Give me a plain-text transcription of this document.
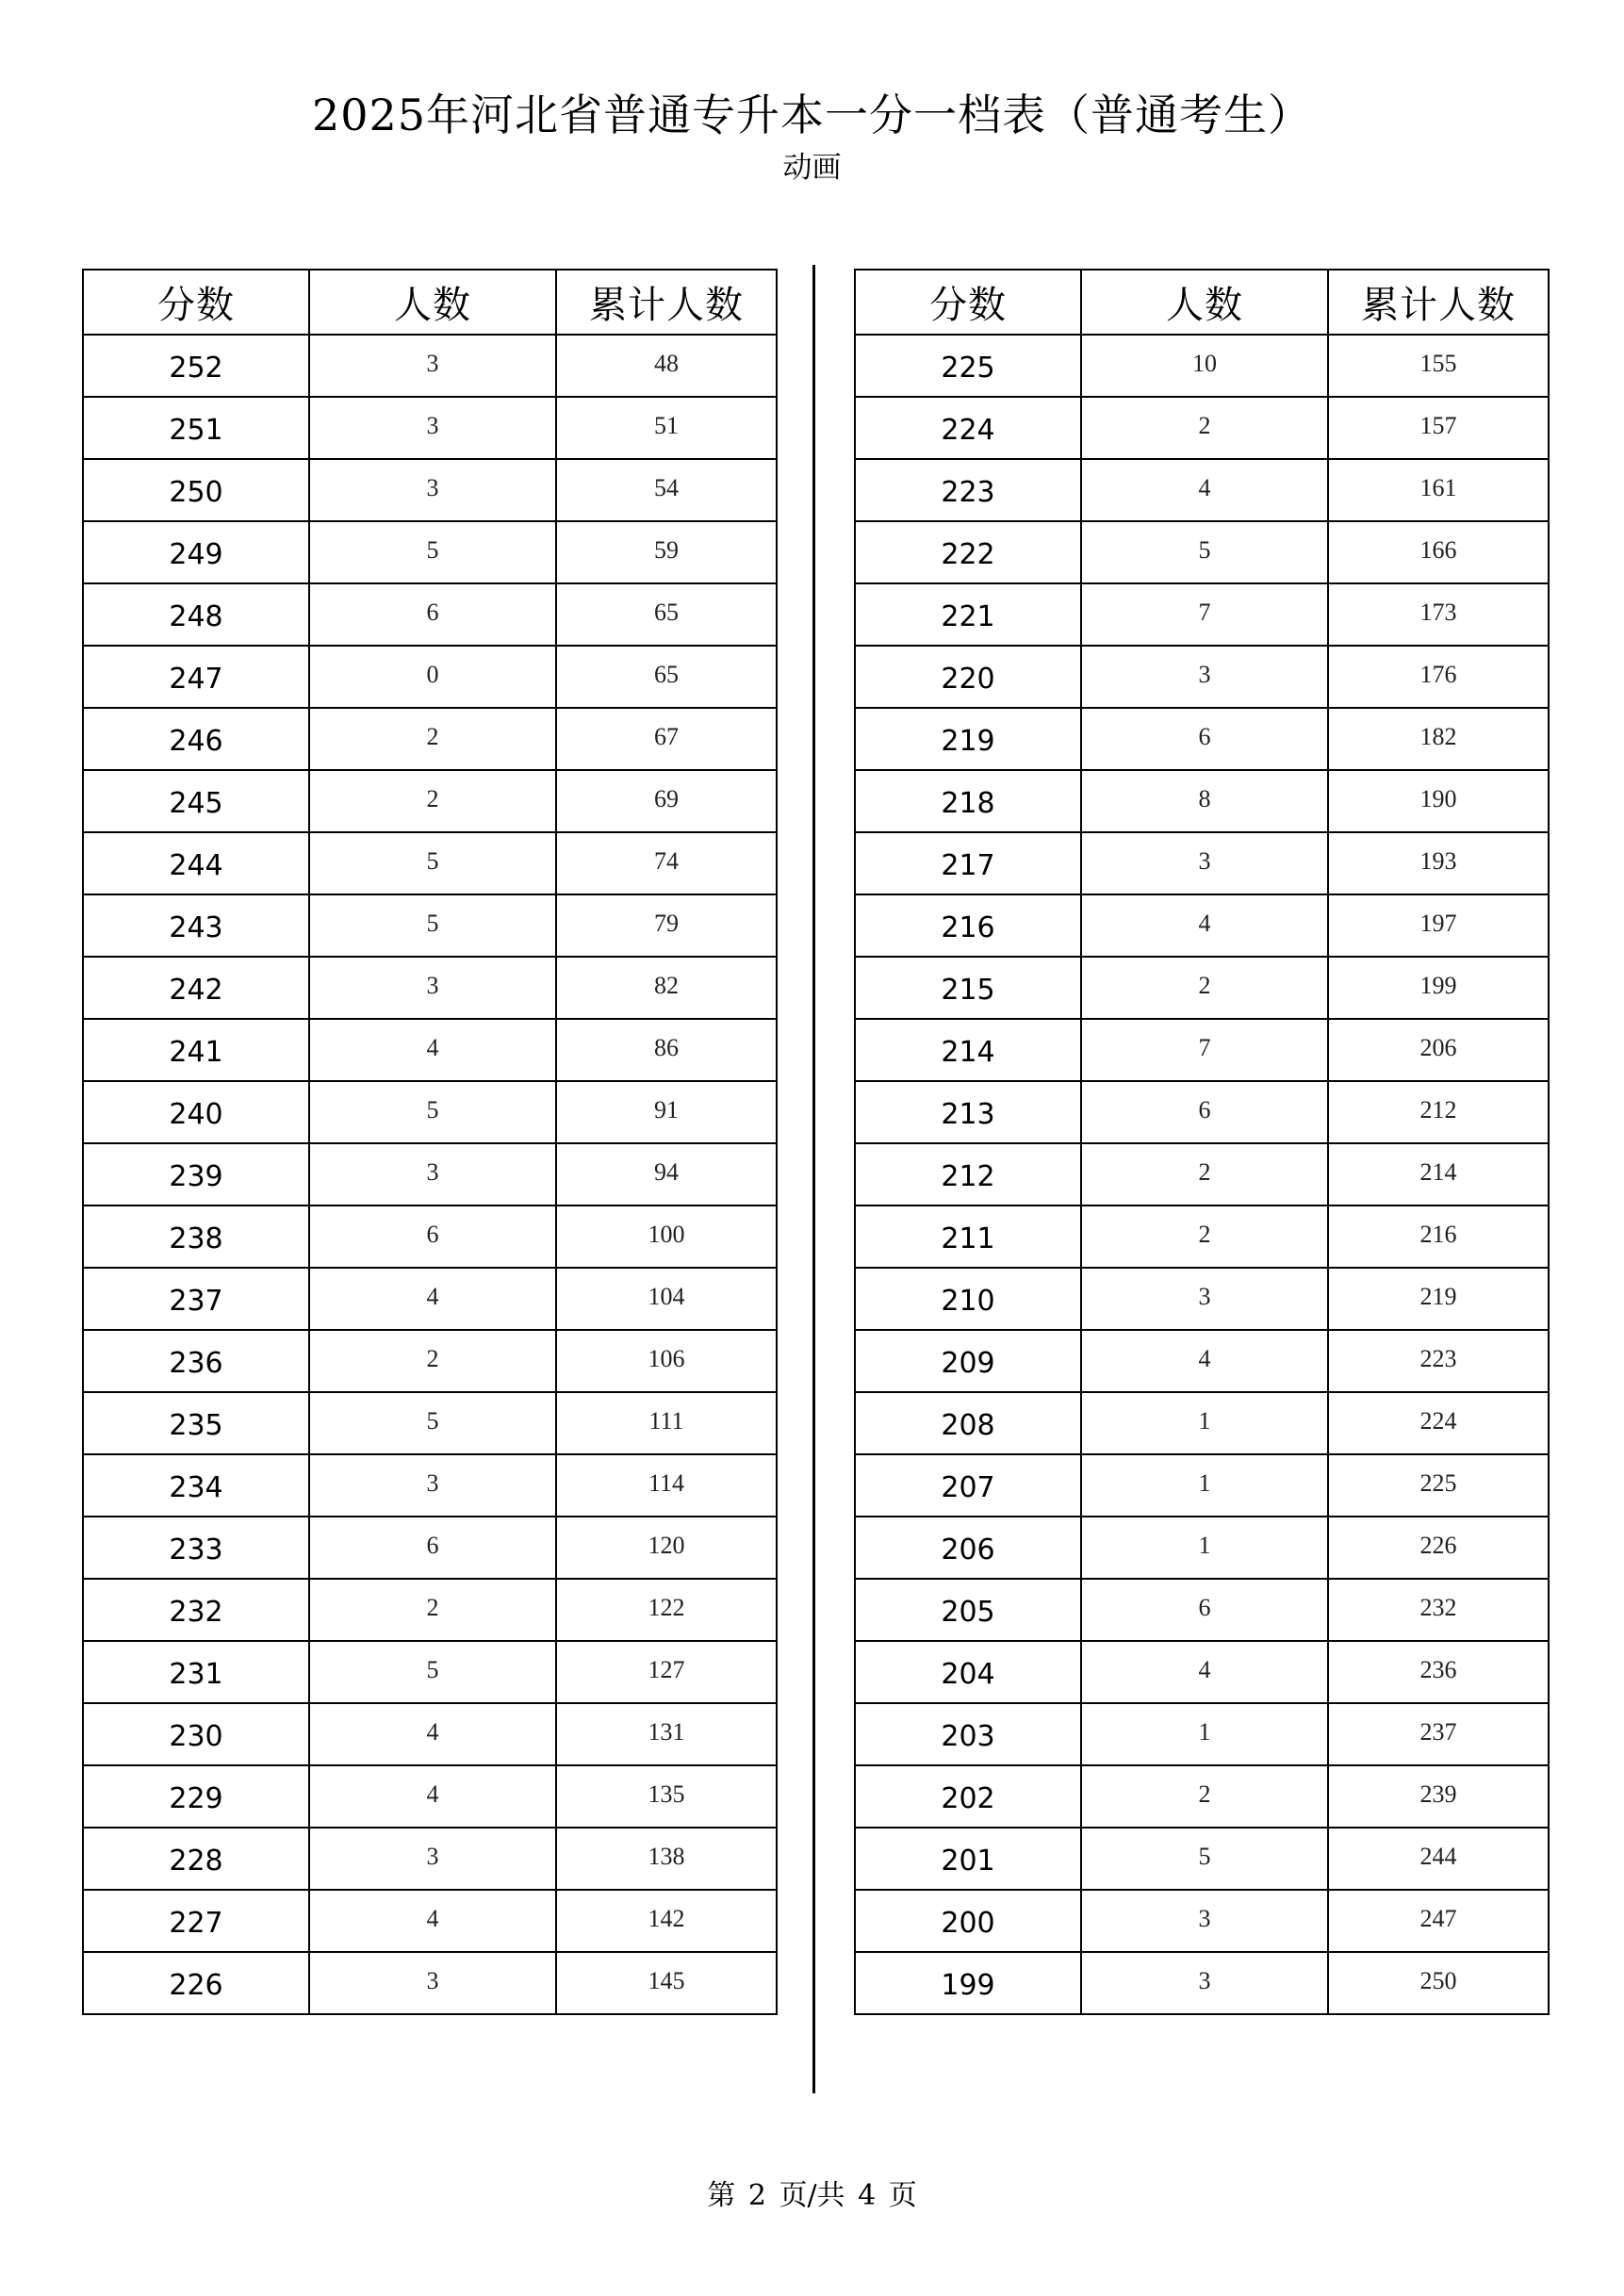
2025年河北省普通专升本一分一档表（普通考生）
动画
分数	人数	累计人数
252	3	48
251	3	51
250	3	54
249	5	59
248	6	65
247	0	65
246	2	67
245	2	69
244	5	74
243	5	79
242	3	82
241	4	86
240	5	91
239	3	94
238	6	100
237	4	104
236	2	106
235	5	111
234	3	114
233	6	120
232	2	122
231	5	127
230	4	131
229	4	135
228	3	138
227	4	142
226	3	145
分数	人数	累计人数
225	10	155
224	2	157
223	4	161
222	5	166
221	7	173
220	3	176
219	6	182
218	8	190
217	3	193
216	4	197
215	2	199
214	7	206
213	6	212
212	2	214
211	2	216
210	3	219
209	4	223
208	1	224
207	1	225
206	1	226
205	6	232
204	4	236
203	1	237
202	2	239
201	5	244
200	3	247
199	3	250
第 2 页/共 4 页
